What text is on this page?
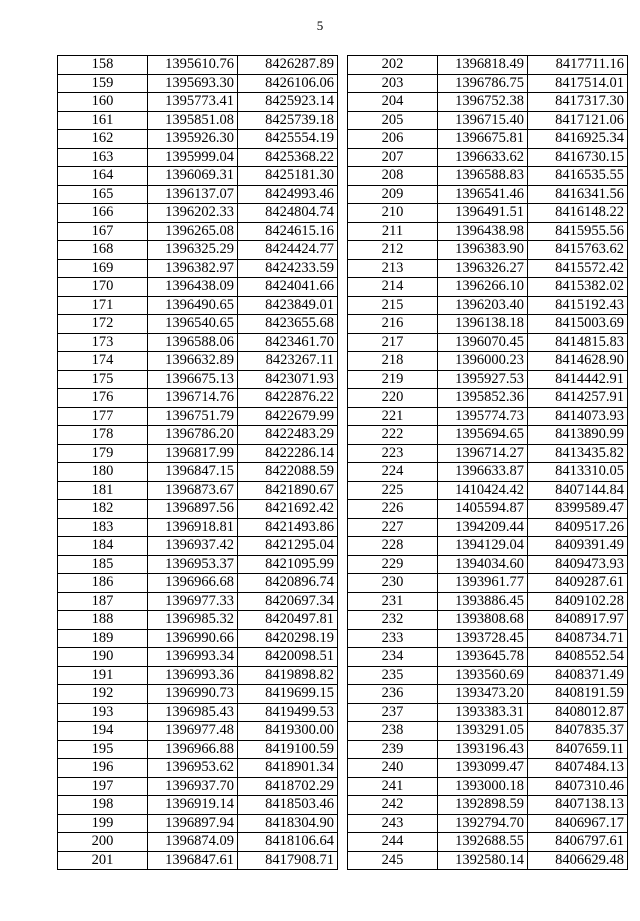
5
158	1395610.76	8426287.89
159	1395693.30	8426106.06
160	1395773.41	8425923.14
161	1395851.08	8425739.18
162	1395926.30	8425554.19
163	1395999.04	8425368.22
164	1396069.31	8425181.30
165	1396137.07	8424993.46
166	1396202.33	8424804.74
167	1396265.08	8424615.16
168	1396325.29	8424424.77
169	1396382.97	8424233.59
170	1396438.09	8424041.66
171	1396490.65	8423849.01
172	1396540.65	8423655.68
173	1396588.06	8423461.70
174	1396632.89	8423267.11
175	1396675.13	8423071.93
176	1396714.76	8422876.22
177	1396751.79	8422679.99
178	1396786.20	8422483.29
179	1396817.99	8422286.14
180	1396847.15	8422088.59
181	1396873.67	8421890.67
182	1396897.56	8421692.42
183	1396918.81	8421493.86
184	1396937.42	8421295.04
185	1396953.37	8421095.99
186	1396966.68	8420896.74
187	1396977.33	8420697.34
188	1396985.32	8420497.81
189	1396990.66	8420298.19
190	1396993.34	8420098.51
191	1396993.36	8419898.82
192	1396990.73	8419699.15
193	1396985.43	8419499.53
194	1396977.48	8419300.00
195	1396966.88	8419100.59
196	1396953.62	8418901.34
197	1396937.70	8418702.29
198	1396919.14	8418503.46
199	1396897.94	8418304.90
200	1396874.09	8418106.64
201	1396847.61	8417908.71
202	1396818.49	8417711.16
203	1396786.75	8417514.01
204	1396752.38	8417317.30
205	1396715.40	8417121.06
206	1396675.81	8416925.34
207	1396633.62	8416730.15
208	1396588.83	8416535.55
209	1396541.46	8416341.56
210	1396491.51	8416148.22
211	1396438.98	8415955.56
212	1396383.90	8415763.62
213	1396326.27	8415572.42
214	1396266.10	8415382.02
215	1396203.40	8415192.43
216	1396138.18	8415003.69
217	1396070.45	8414815.83
218	1396000.23	8414628.90
219	1395927.53	8414442.91
220	1395852.36	8414257.91
221	1395774.73	8414073.93
222	1395694.65	8413890.99
223	1396714.27	8413435.82
224	1396633.87	8413310.05
225	1410424.42	8407144.84
226	1405594.87	8399589.47
227	1394209.44	8409517.26
228	1394129.04	8409391.49
229	1394034.60	8409473.93
230	1393961.77	8409287.61
231	1393886.45	8409102.28
232	1393808.68	8408917.97
233	1393728.45	8408734.71
234	1393645.78	8408552.54
235	1393560.69	8408371.49
236	1393473.20	8408191.59
237	1393383.31	8408012.87
238	1393291.05	8407835.37
239	1393196.43	8407659.11
240	1393099.47	8407484.13
241	1393000.18	8407310.46
242	1392898.59	8407138.13
243	1392794.70	8406967.17
244	1392688.55	8406797.61
245	1392580.14	8406629.48
